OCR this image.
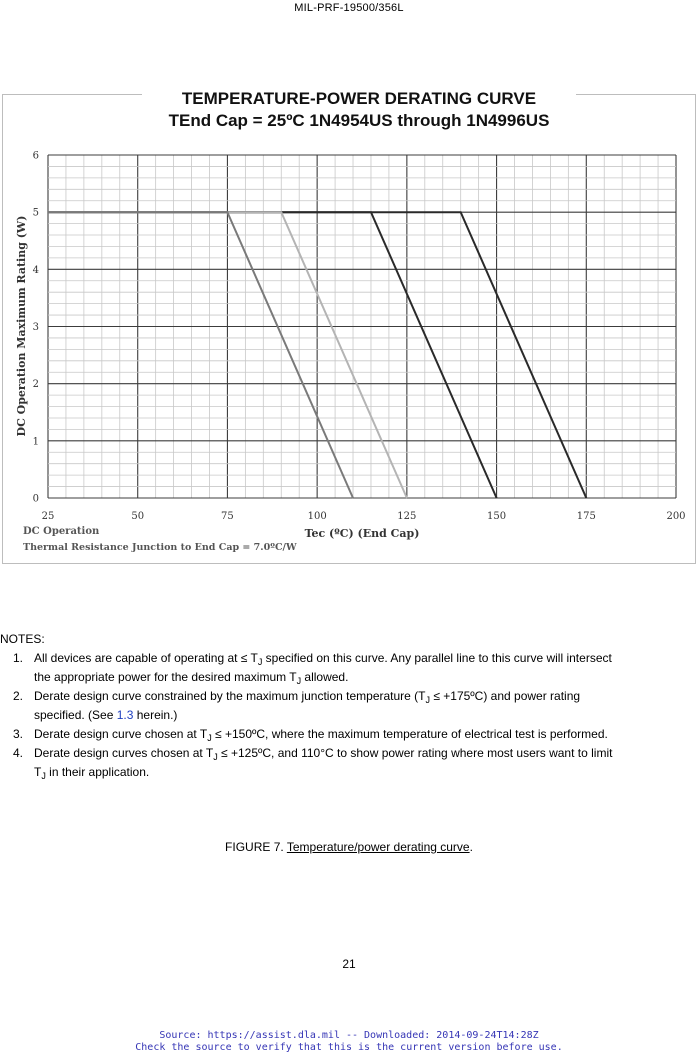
MIL-PRF-19500/356L
25	50	75	100	125	150	175	200
0
1
2
3
4
5
6
DC Operation Maximum Rating (W)
Tec (ºC) (End Cap)
DC Operation
Thermal Resistance Junction to End Cap = 7.0ºC/W
TEMPERATURE-POWER DERATING CURVE
TEnd Cap = 25ºC 1N4954US through 1N4996US
NOTES:
1. All devices are capable of operating at ≤ $T_J$ specified on this curve. Any parallel line to this curve will intersect
the appropriate power for the desired maximum $T_J$ allowed.
2. Derate design curve constrained by the maximum junction temperature ($T_J$ ≤ +175ºC) and power rating
specified. (See 1.3 herein.)
3. Derate design curve chosen at $T_J$ ≤ +150ºC, where the maximum temperature of electrical test is performed.
4. Derate design curves chosen at $T_J$ ≤ +125ºC, and 110°C to show power rating where most users want to limit
$T_J$ in their application.
FIGURE 7. Temperature/power derating curve.
21
Source: https://assist.dla.mil -- Downloaded: 2014-09-24T14:28Z
Check the source to verify that this is the current version before use.
